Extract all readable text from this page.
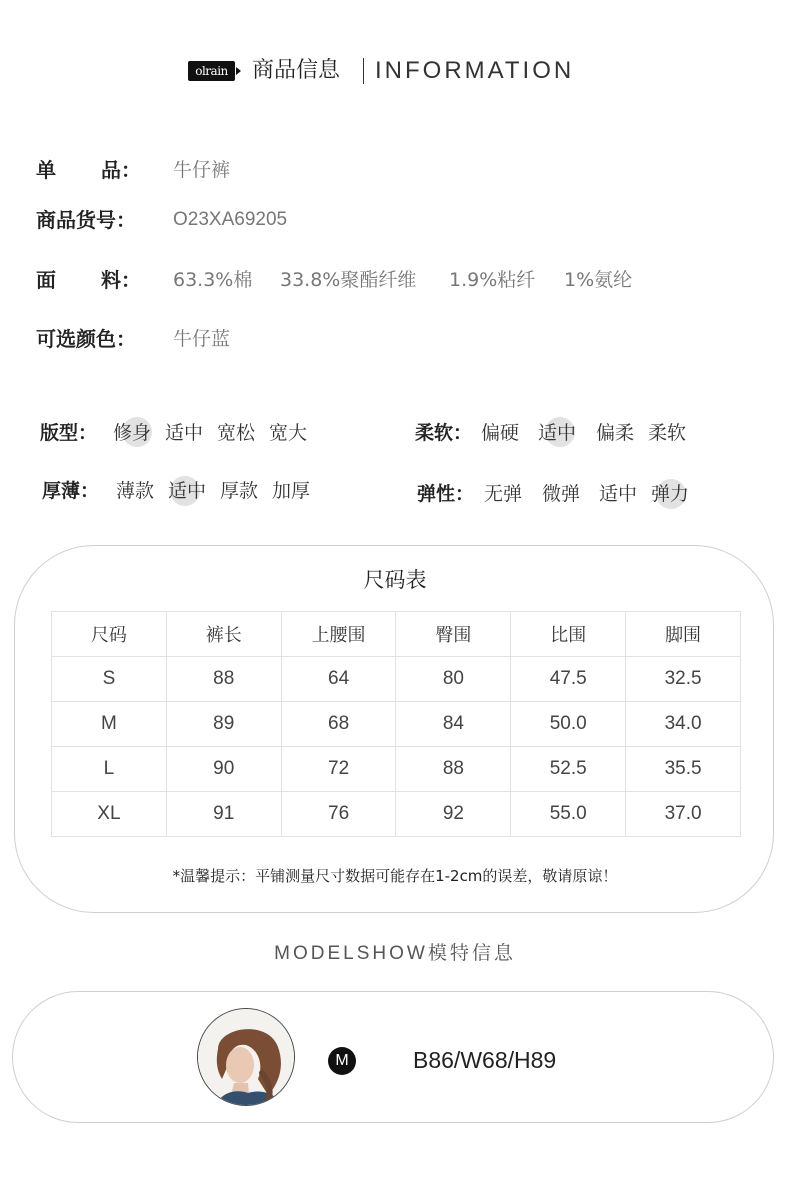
olrain	商品信息 INFORMATION
单 品： 牛仔裤
商品货号： O23XA69205
面 料： 63.3%棉 33.8%聚酯纤维 1.9%粘纤 1%氨纶
可选颜色： 牛仔蓝
版型： 修身 适中 宽松 宽大	柔软： 偏硬 适中 偏柔 柔软
厚薄： 薄款 适中 厚款 加厚	弹性： 无弹 微弹 适中 弹力
尺码表
尺码	裤长	上腰围	臀围	比围	脚围
S	88	64	80	47.5	32.5
M	89	68	84	50.0	34.0
L	90	72	88	52.5	35.5
XL	91	76	92	55.0	37.0
*温馨提示：平铺测量尺寸数据可能存在1-2cm的误差，敬请原谅！
MODELSHOW模特信息
M	B86/W68/H89
